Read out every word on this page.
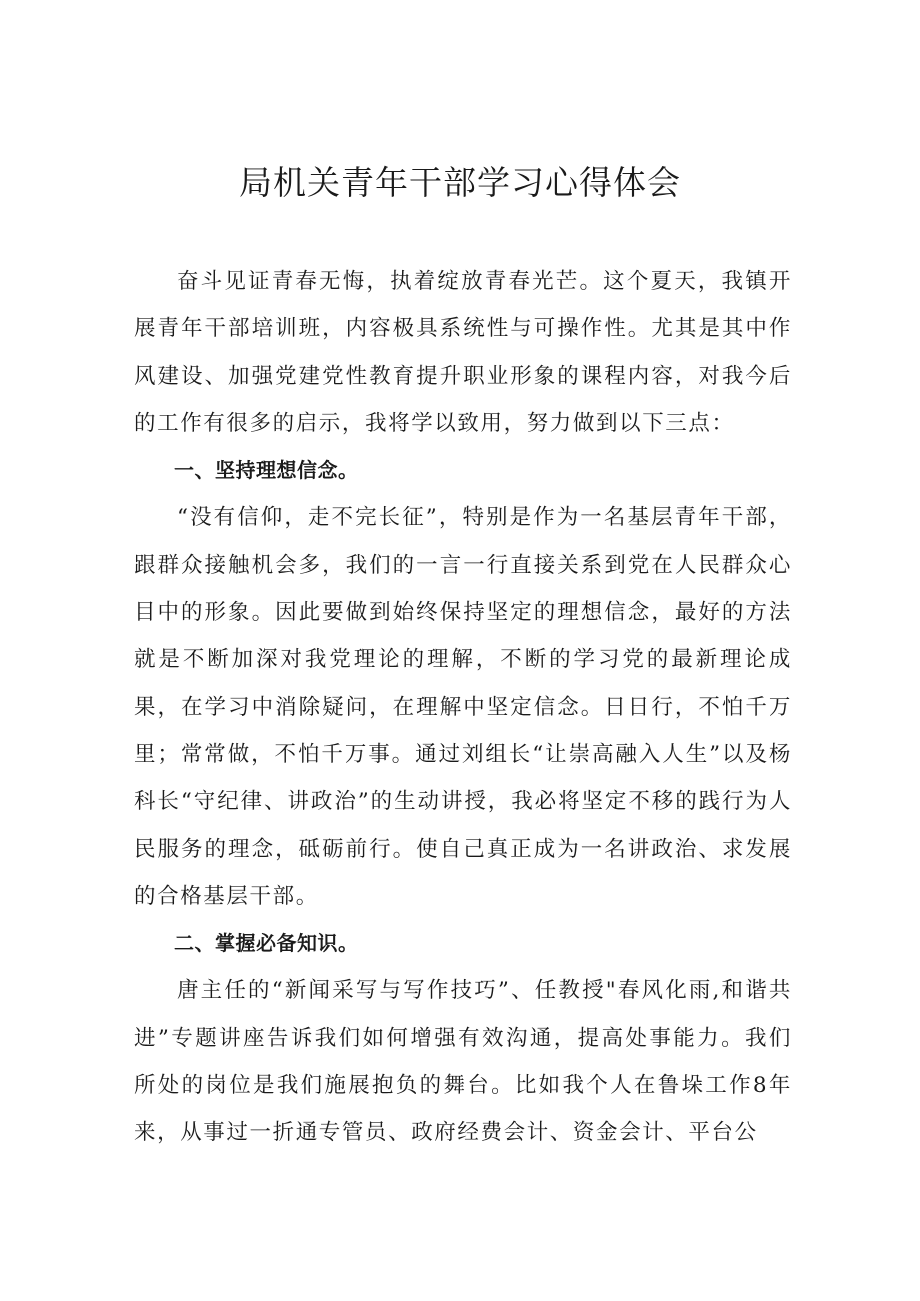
局机关青年干部学习心得体会

奋斗见证青春无悔，执着绽放青春光芒。这个夏天，我镇开展青年干部培训班，内容极具系统性与可操作性。尤其是其中作风建设、加强党建党性教育提升职业形象的课程内容，对我今后的工作有很多的启示，我将学以致用，努力做到以下三点：

一、坚持理想信念。

“没有信仰，走不完长征”，特别是作为一名基层青年干部，跟群众接触机会多，我们的一言一行直接关系到党在人民群众心目中的形象。因此要做到始终保持坚定的理想信念，最好的方法就是不断加深对我党理论的理解，不断的学习党的最新理论成果，在学习中消除疑问，在理解中坚定信念。日日行，不怕千万里；常常做，不怕千万事。通过刘组长“让崇高融入人生”以及杨科长“守纪律、讲政治”的生动讲授，我必将坚定不移的践行为人民服务的理念，砥砺前行。使自己真正成为一名讲政治、求发展的合格基层干部。

二、掌握必备知识。

唐主任的“新闻采写与写作技巧”、任教授"春风化雨,和谐共进”专题讲座告诉我们如何增强有效沟通，提高处事能力。我们所处的岗位是我们施展抱负的舞台。比如我个人在鲁垛工作8年来，从事过一折通专管员、政府经费会计、资金会计、平台公
